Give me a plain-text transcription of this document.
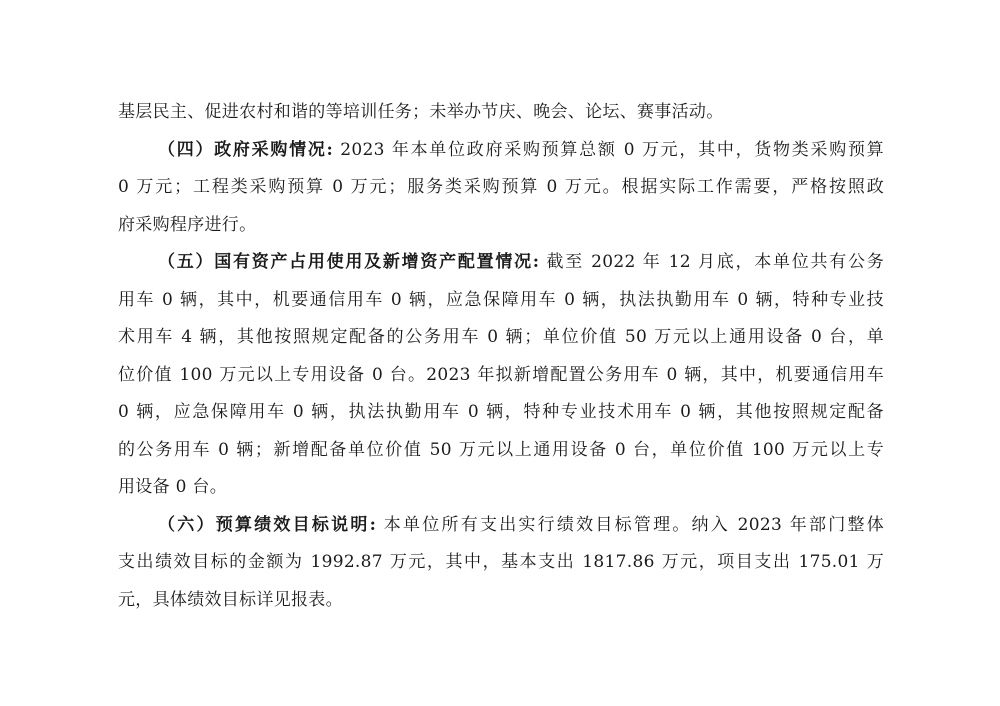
基层民主、促进农村和谐的等培训任务；未举办节庆、晚会、论坛、赛事活动。
（四）政府采购情况: 2023 年本单位政府采购预算总额 0 万元，其中，货物类采购预算
0 万元；工程类采购预算 0 万元；服务类采购预算 0 万元。根据实际工作需要，严格按照政
府采购程序进行。
（五）国有资产占用使用及新增资产配置情况: 截至 2022 年 12 月底，本单位共有公务
用车 0 辆，其中，机要通信用车 0 辆，应急保障用车 0 辆，执法执勤用车 0 辆，特种专业技
术用车 4 辆，其他按照规定配备的公务用车 0 辆；单位价值 50 万元以上通用设备 0 台，单
位价值 100 万元以上专用设备 0 台。2023 年拟新增配置公务用车 0 辆，其中，机要通信用车
0 辆，应急保障用车 0 辆，执法执勤用车 0 辆，特种专业技术用车 0 辆，其他按照规定配备
的公务用车 0 辆；新增配备单位价值 50 万元以上通用设备 0 台，单位价值 100 万元以上专
用设备 0 台。
（六）预算绩效目标说明: 本单位所有支出实行绩效目标管理。纳入 2023 年部门整体
支出绩效目标的金额为 1992.87 万元，其中，基本支出 1817.86 万元，项目支出 175.01 万
元，具体绩效目标详见报表。
